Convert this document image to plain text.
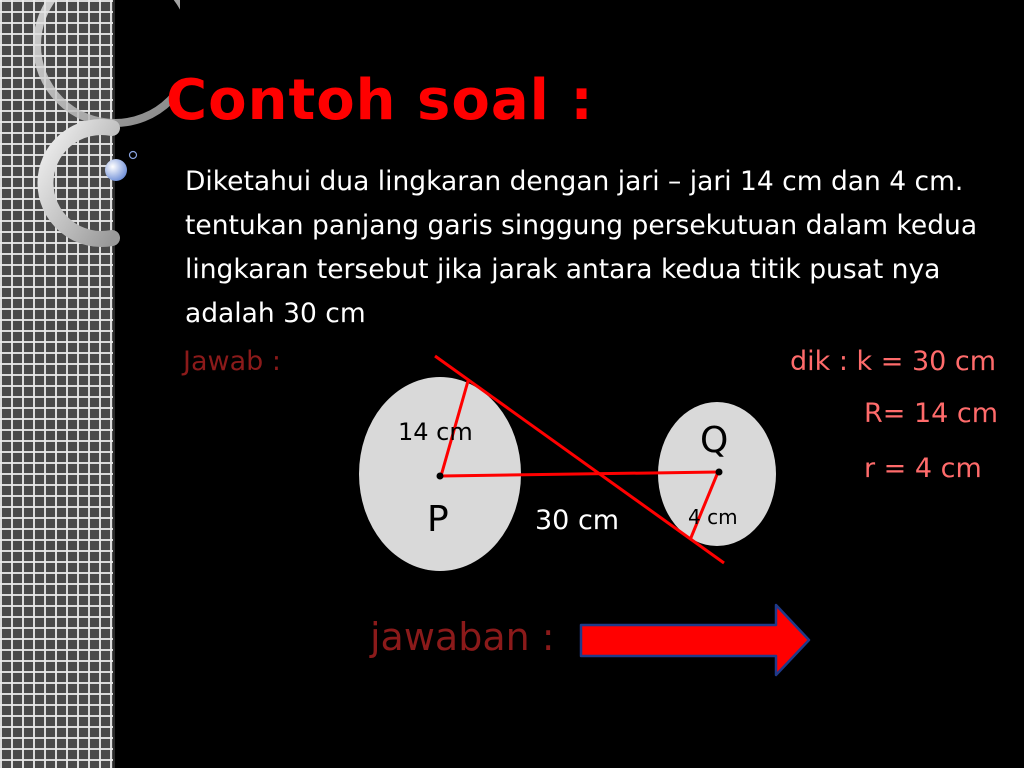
Contoh soal :

Diketahui dua lingkaran dengan jari – jari 14 cm dan 4 cm. tentukan panjang garis singgung persekutuan dalam kedua lingkaran tersebut jika jarak antara kedua titik pusat nya adalah 30 cm

Jawab :	dik : k = 30 cm
R= 14 cm
r = 4 cm
14 cm	Q
P	4 cm
30 cm
jawaban :
